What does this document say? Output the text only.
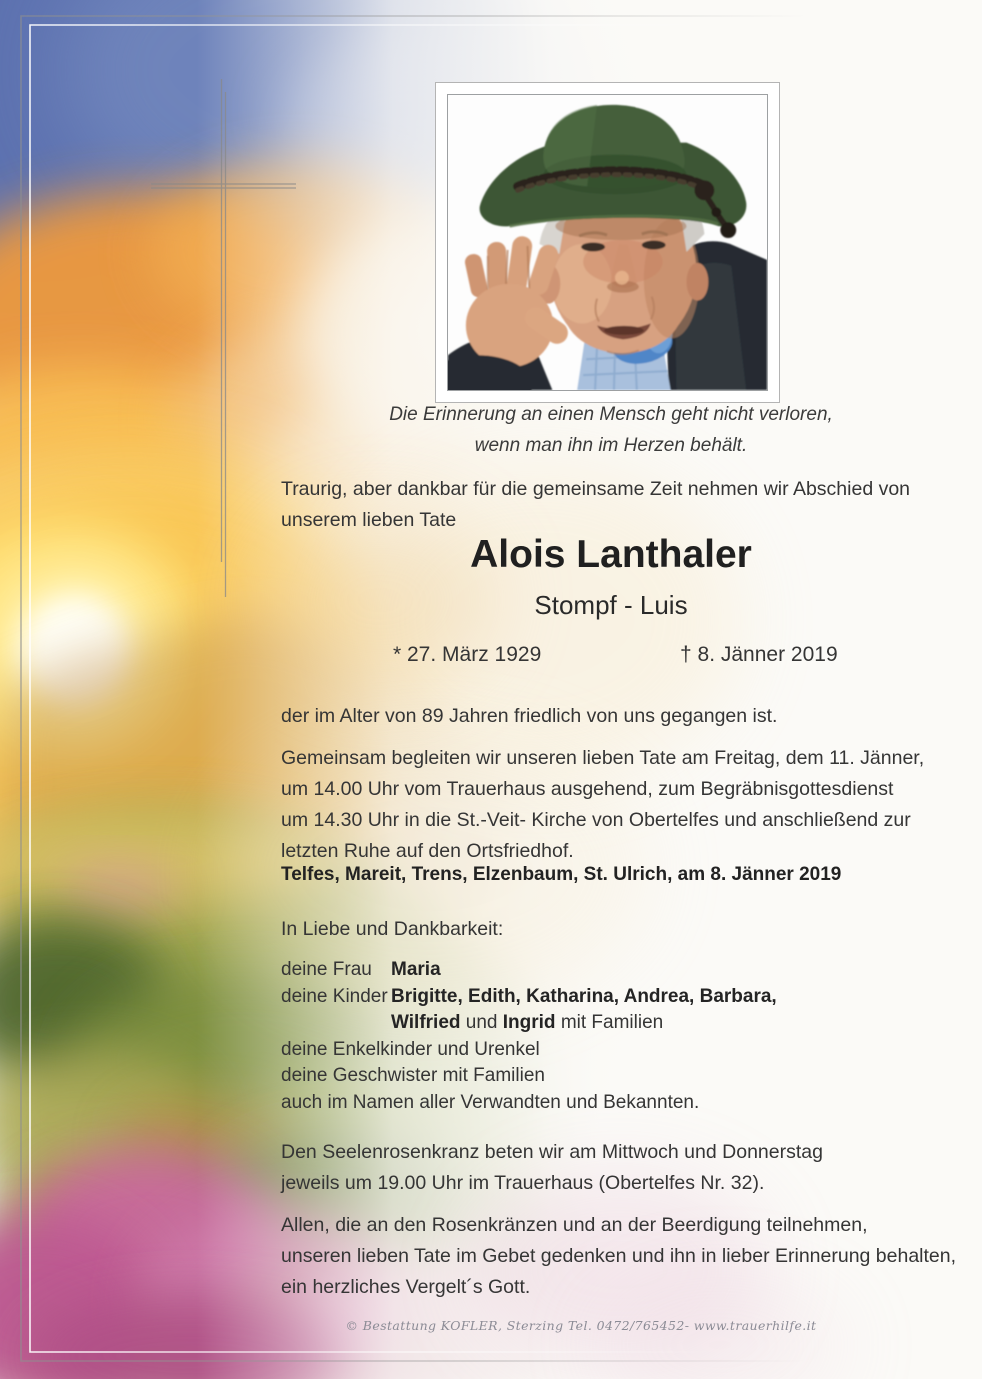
Die Erinnerung an einen Mensch geht nicht verloren,
wenn man ihn im Herzen behält.
Traurig, aber dankbar für die gemeinsame Zeit nehmen wir Abschied von
unserem lieben Tate
Alois Lanthaler
Stompf - Luis
* 27. März 1929	† 8. Jänner 2019
der im Alter von 89 Jahren friedlich von uns gegangen ist.
Gemeinsam begleiten wir unseren lieben Tate am Freitag, dem 11. Jänner,
um 14.00 Uhr vom Trauerhaus ausgehend, zum Begräbnisgottesdienst
um 14.30 Uhr in die St.-Veit- Kirche von Obertelfes und anschließend zur
letzten Ruhe auf den Ortsfriedhof.
Telfes, Mareit, Trens, Elzenbaum, St. Ulrich, am 8. Jänner 2019
In Liebe und Dankbarkeit:
deine Frau Maria
deine Kinder Brigitte, Edith, Katharina, Andrea, Barbara,
Wilfried und Ingrid mit Familien
deine Enkelkinder und Urenkel
deine Geschwister mit Familien
auch im Namen aller Verwandten und Bekannten.
Den Seelenrosenkranz beten wir am Mittwoch und Donnerstag
jeweils um 19.00 Uhr im Trauerhaus (Obertelfes Nr. 32).
Allen, die an den Rosenkränzen und an der Beerdigung teilnehmen,
unseren lieben Tate im Gebet gedenken und ihn in lieber Erinnerung behalten,
ein herzliches Vergelt´s Gott.
© Bestattung KOFLER, Sterzing Tel. 0472/765452- www.trauerhilfe.it
